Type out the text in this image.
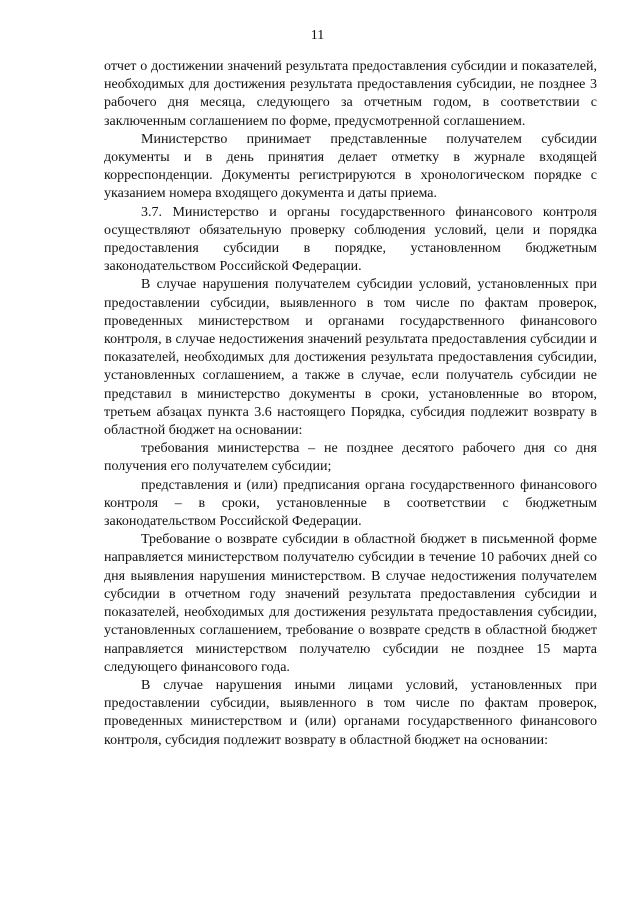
11

отчет о достижении значений результата предоставления субсидии и показателей, необходимых для достижения результата предоставления субсидии, не позднее 3 рабочего дня месяца, следующего за отчетным годом, в соответствии с заключенным соглашением по форме, предусмотренной соглашением.

Министерство принимает представленные получателем субсидии документы и в день принятия делает отметку в журнале входящей корреспонденции. Документы регистрируются в хронологическом порядке с указанием номера входящего документа и даты приема.

3.7. Министерство и органы государственного финансового контроля осуществляют обязательную проверку соблюдения условий, цели и порядка предоставления субсидии в порядке, установленном бюджетным законодательством Российской Федерации.

В случае нарушения получателем субсидии условий, установленных при предоставлении субсидии, выявленного в том числе по фактам проверок, проведенных министерством и органами государственного финансового контроля, в случае недостижения значений результата предоставления субсидии и показателей, необходимых для достижения результата предоставления субсидии, установленных соглашением, а также в случае, если получатель субсидии не представил в министерство документы в сроки, установленные во втором, третьем абзацах пункта 3.6 настоящего Порядка, субсидия подлежит возврату в областной бюджет на основании:

требования министерства – не позднее десятого рабочего дня со дня получения его получателем субсидии;

представления и (или) предписания органа государственного финансового контроля – в сроки, установленные в соответствии с бюджетным законодательством Российской Федерации.

Требование о возврате субсидии в областной бюджет в письменной форме направляется министерством получателю субсидии в течение 10 рабочих дней со дня выявления нарушения министерством. В случае недостижения получателем субсидии в отчетном году значений результата предоставления субсидии и показателей, необходимых для достижения результата предоставления субсидии, установленных соглашением, требование о возврате средств в областной бюджет направляется министерством получателю субсидии не позднее 15 марта следующего финансового года.

В случае нарушения иными лицами условий, установленных при предоставлении субсидии, выявленного в том числе по фактам проверок, проведенных министерством и (или) органами государственного финансового контроля, субсидия подлежит возврату в областной бюджет на основании:
